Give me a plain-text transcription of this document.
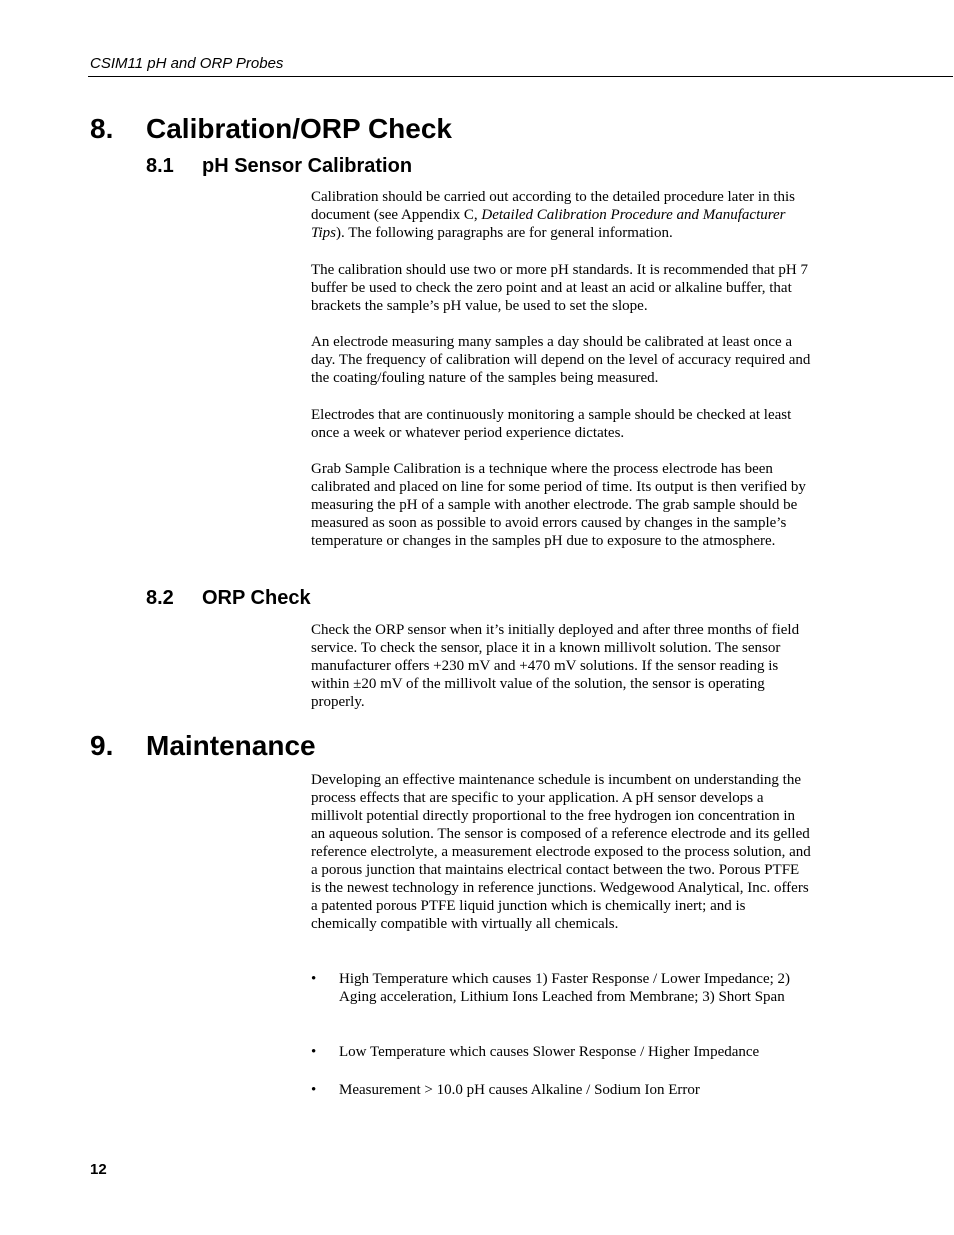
CSIM11 pH and ORP Probes
8. Calibration/ORP Check
8.1 pH Sensor Calibration

Calibration should be carried out according to the detailed procedure later in this document (see Appendix C, Detailed Calibration Procedure and Manufacturer Tips). The following paragraphs are for general information.

The calibration should use two or more pH standards. It is recommended that pH 7 buffer be used to check the zero point and at least an acid or alkaline buffer, that brackets the sample’s pH value, be used to set the slope.

An electrode measuring many samples a day should be calibrated at least once a day. The frequency of calibration will depend on the level of accuracy required and the coating/fouling nature of the samples being measured.

Electrodes that are continuously monitoring a sample should be checked at least once a week or whatever period experience dictates.

Grab Sample Calibration is a technique where the process electrode has been calibrated and placed on line for some period of time. Its output is then verified by measuring the pH of a sample with another electrode. The grab sample should be measured as soon as possible to avoid errors caused by changes in the sample’s temperature or changes in the samples pH due to exposure to the atmosphere.

8.2 ORP Check

Check the ORP sensor when it’s initially deployed and after three months of field service. To check the sensor, place it in a known millivolt solution. The sensor manufacturer offers +230 mV and +470 mV solutions. If the sensor reading is within ±20 mV of the millivolt value of the solution, the sensor is operating properly.

9. Maintenance

Developing an effective maintenance schedule is incumbent on understanding the process effects that are specific to your application. A pH sensor develops a millivolt potential directly proportional to the free hydrogen ion concentration in an aqueous solution. The sensor is composed of a reference electrode and its gelled reference electrolyte, a measurement electrode exposed to the process solution, and a porous junction that maintains electrical contact between the two. Porous PTFE is the newest technology in reference junctions. Wedgewood Analytical, Inc. offers a patented porous PTFE liquid junction which is chemically inert; and is chemically compatible with virtually all chemicals.

• High Temperature which causes 1) Faster Response / Lower Impedance; 2) Aging acceleration, Lithium Ions Leached from Membrane; 3) Short Span
• Low Temperature which causes Slower Response / Higher Impedance
• Measurement > 10.0 pH causes Alkaline / Sodium Ion Error
12
